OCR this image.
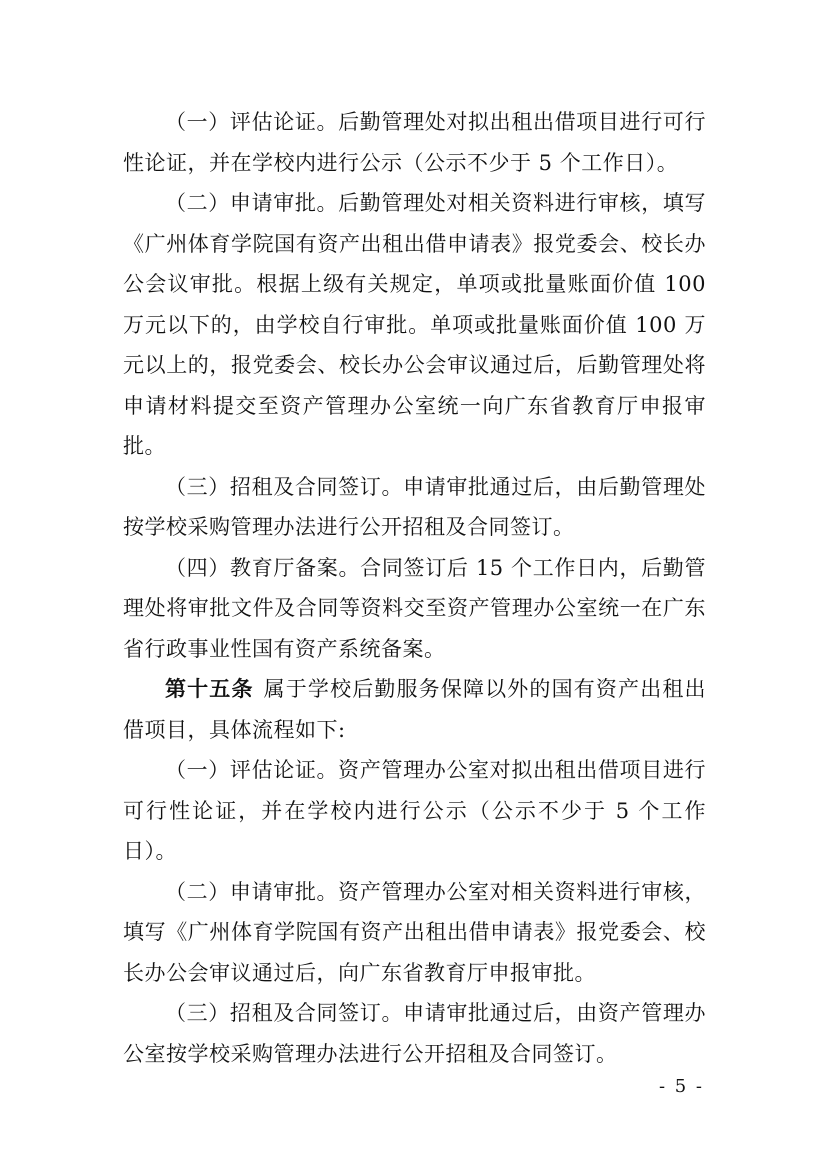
（一）评估论证。后勤管理处对拟出租出借项目进行可行性论证，并在学校内进行公示（公示不少于 5 个工作日）。

（二）申请审批。后勤管理处对相关资料进行审核，填写《广州体育学院国有资产出租出借申请表》报党委会、校长办公会议审批。根据上级有关规定，单项或批量账面价值 100 万元以下的，由学校自行审批。单项或批量账面价值 100 万元以上的，报党委会、校长办公会审议通过后，后勤管理处将申请材料提交至资产管理办公室统一向广东省教育厅申报审批。

（三）招租及合同签订。申请审批通过后，由后勤管理处按学校采购管理办法进行公开招租及合同签订。

（四）教育厅备案。合同签订后 15 个工作日内，后勤管理处将审批文件及合同等资料交至资产管理办公室统一在广东省行政事业性国有资产系统备案。

第十五条 属于学校后勤服务保障以外的国有资产出租出借项目，具体流程如下:

（一）评估论证。资产管理办公室对拟出租出借项目进行可行性论证，并在学校内进行公示（公示不少于 5 个工作日）。

（二）申请审批。资产管理办公室对相关资料进行审核，填写《广州体育学院国有资产出租出借申请表》报党委会、校长办公会审议通过后，向广东省教育厅申报审批。

（三）招租及合同签订。申请审批通过后，由资产管理办公室按学校采购管理办法进行公开招租及合同签订。

- 5 -
